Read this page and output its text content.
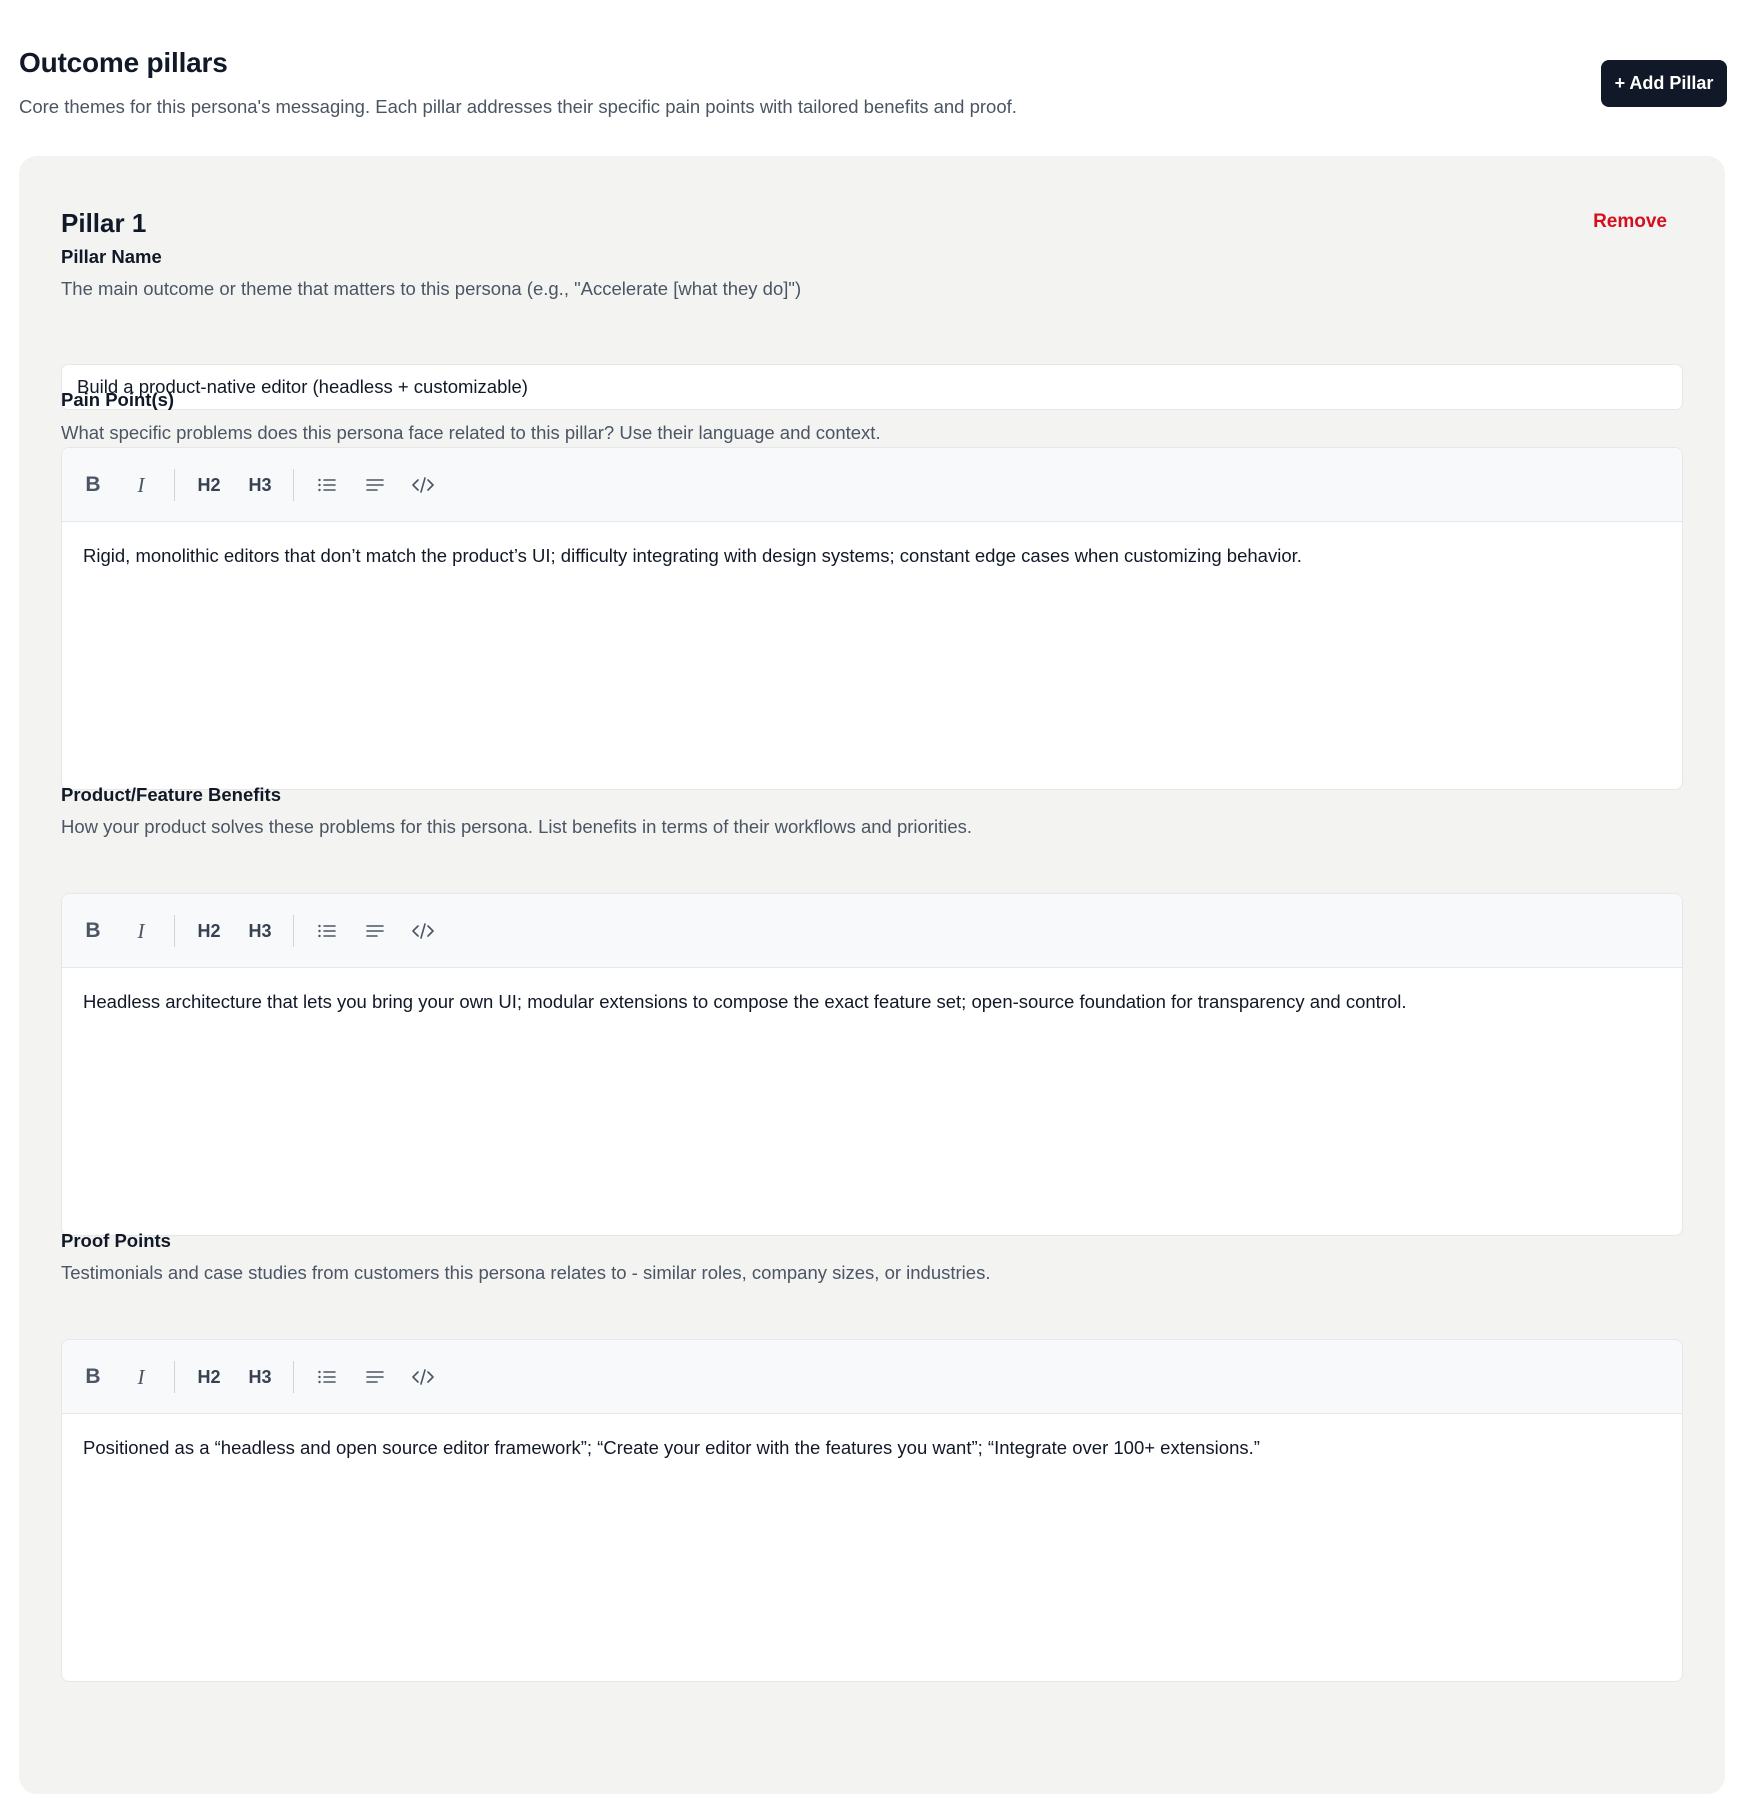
Outcome pillars

Core themes for this persona's messaging. Each pillar addresses their specific pain points with tailored benefits and proof.

+ Add Pillar
Pillar 1	Remove
Pillar Name

The main outcome or theme that matters to this persona (e.g., "Accelerate [what they do]")

Build a product-native editor (headless + customizable)
Pain Point(s)

What specific problems does this persona face related to this pillar? Use their language and context.

B	I	H2	H3
Rigid, monolithic editors that don’t match the product’s UI; difficulty integrating with design systems; constant edge cases when customizing behavior.
Product/Feature Benefits

How your product solves these problems for this persona. List benefits in terms of their workflows and priorities.

B	I	H2	H3
Headless architecture that lets you bring your own UI; modular extensions to compose the exact feature set; open-source foundation for transparency and control.
Proof Points

Testimonials and case studies from customers this persona relates to - similar roles, company sizes, or industries.

B	I	H2	H3
Positioned as a “headless and open source editor framework”; “Create your editor with the features you want”; “Integrate over 100+ extensions.”
